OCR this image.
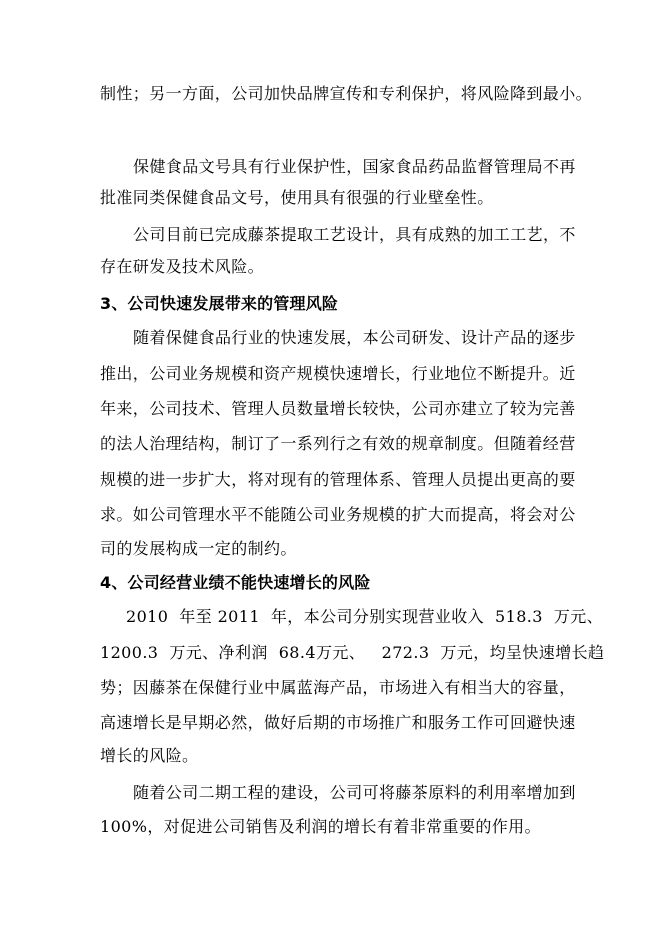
制性；另一方面，公司加快品牌宣传和专利保护，将风险降到最小。
保健食品文号具有行业保护性，国家食品药品监督管理局不再
批准同类保健食品文号，使用具有很强的行业壁垒性。
公司目前已完成藤茶提取工艺设计，具有成熟的加工工艺，不
存在研发及技术风险。
3、公司快速发展带来的管理风险
随着保健食品行业的快速发展，本公司研发、设计产品的逐步
推出，公司业务规模和资产规模快速增长，行业地位不断提升。近
年来，公司技术、管理人员数量增长较快，公司亦建立了较为完善
的法人治理结构，制订了一系列行之有效的规章制度。但随着经营
规模的进一步扩大，将对现有的管理体系、管理人员提出更高的要
求。如公司管理水平不能随公司业务规模的扩大而提高，将会对公
司的发展构成一定的制约。
4、公司经营业绩不能快速增长的风险
2010  年至 2011  年，本公司分别实现营业收入  518.3  万元、
1200.3  万元、净利润  68.4万元、   272.3  万元，均呈快速增长趋
势；因藤茶在保健行业中属蓝海产品，市场进入有相当大的容量，
高速增长是早期必然，做好后期的市场推广和服务工作可回避快速
增长的风险。
随着公司二期工程的建设，公司可将藤茶原料的利用率增加到
100%，对促进公司销售及利润的增长有着非常重要的作用。
